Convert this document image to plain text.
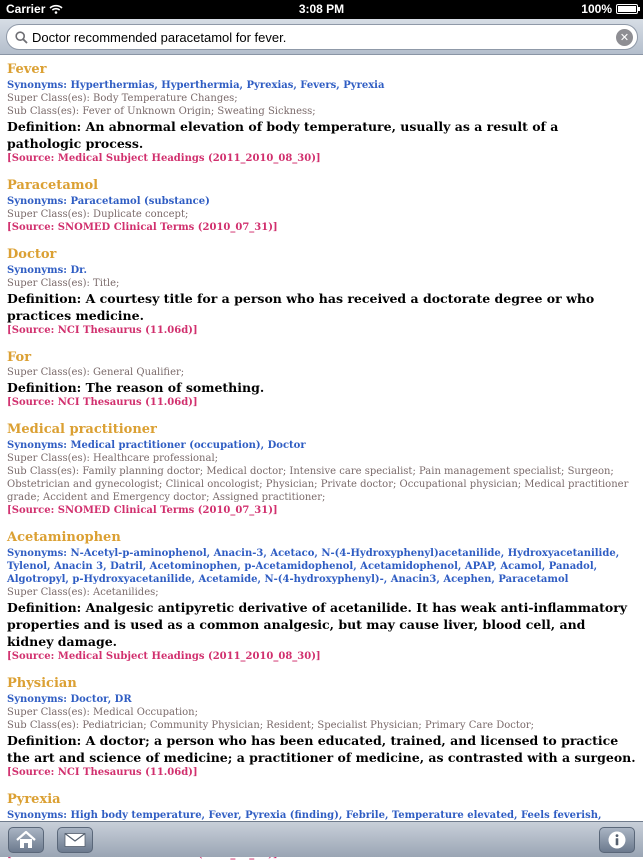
Carrier	3:08 PM	100%
Doctor recommended paracetamol for fever.
✕
Fever
Synonyms: Hyperthermias, Hyperthermia, Pyrexias, Fevers, Pyrexia
Super Class(es): Body Temperature Changes;
Sub Class(es): Fever of Unknown Origin; Sweating Sickness;
Definition: An abnormal elevation of body temperature, usually as a result of a pathologic process.
[Source: Medical Subject Headings (2011_2010_08_30)]
Paracetamol
Synonyms: Paracetamol (substance)
Super Class(es): Duplicate concept;
[Source: SNOMED Clinical Terms (2010_07_31)]
Doctor
Synonyms: Dr.
Super Class(es): Title;
Definition: A courtesy title for a person who has received a doctorate degree or who practices medicine.
[Source: NCI Thesaurus (11.06d)]
For
Super Class(es): General Qualifier;
Definition: The reason of something.
[Source: NCI Thesaurus (11.06d)]
Medical practitioner
Synonyms: Medical practitioner (occupation), Doctor
Super Class(es): Healthcare professional;
Sub Class(es): Family planning doctor; Medical doctor; Intensive care specialist; Pain management specialist; Surgeon; Obstetrician and gynecologist; Clinical oncologist; Physician; Private doctor; Occupational physician; Medical practitioner grade; Accident and Emergency doctor; Assigned practitioner;
[Source: SNOMED Clinical Terms (2010_07_31)]
Acetaminophen
Synonyms: N-Acetyl-p-aminophenol, Anacin-3, Acetaco, N-(4-Hydroxyphenyl)acetanilide, Hydroxyacetanilide, Tylenol, Anacin 3, Datril, Acetominophen, p-Acetamidophenol, Acetamidophenol, APAP, Acamol, Panadol, Algotropyl, p-Hydroxyacetanilide, Acetamide, N-(4-hydroxyphenyl)-, Anacin3, Acephen, Paracetamol
Super Class(es): Acetanilides;
Definition: Analgesic antipyretic derivative of acetanilide. It has weak anti-inflammatory properties and is used as a common analgesic, but may cause liver, blood cell, and kidney damage.
[Source: Medical Subject Headings (2011_2010_08_30)]
Physician
Synonyms: Doctor, DR
Super Class(es): Medical Occupation;
Sub Class(es): Pediatrician; Community Physician; Resident; Specialist Physician; Primary Care Doctor;
Definition: A doctor; a person who has been educated, trained, and licensed to practice the art and science of medicine; a practitioner of medicine, as contrasted with a surgeon.
[Source: NCI Thesaurus (11.06d)]
Pyrexia
Synonyms: High body temperature, Fever, Pyrexia (finding), Febrile, Temperature elevated, Feels feverish,
